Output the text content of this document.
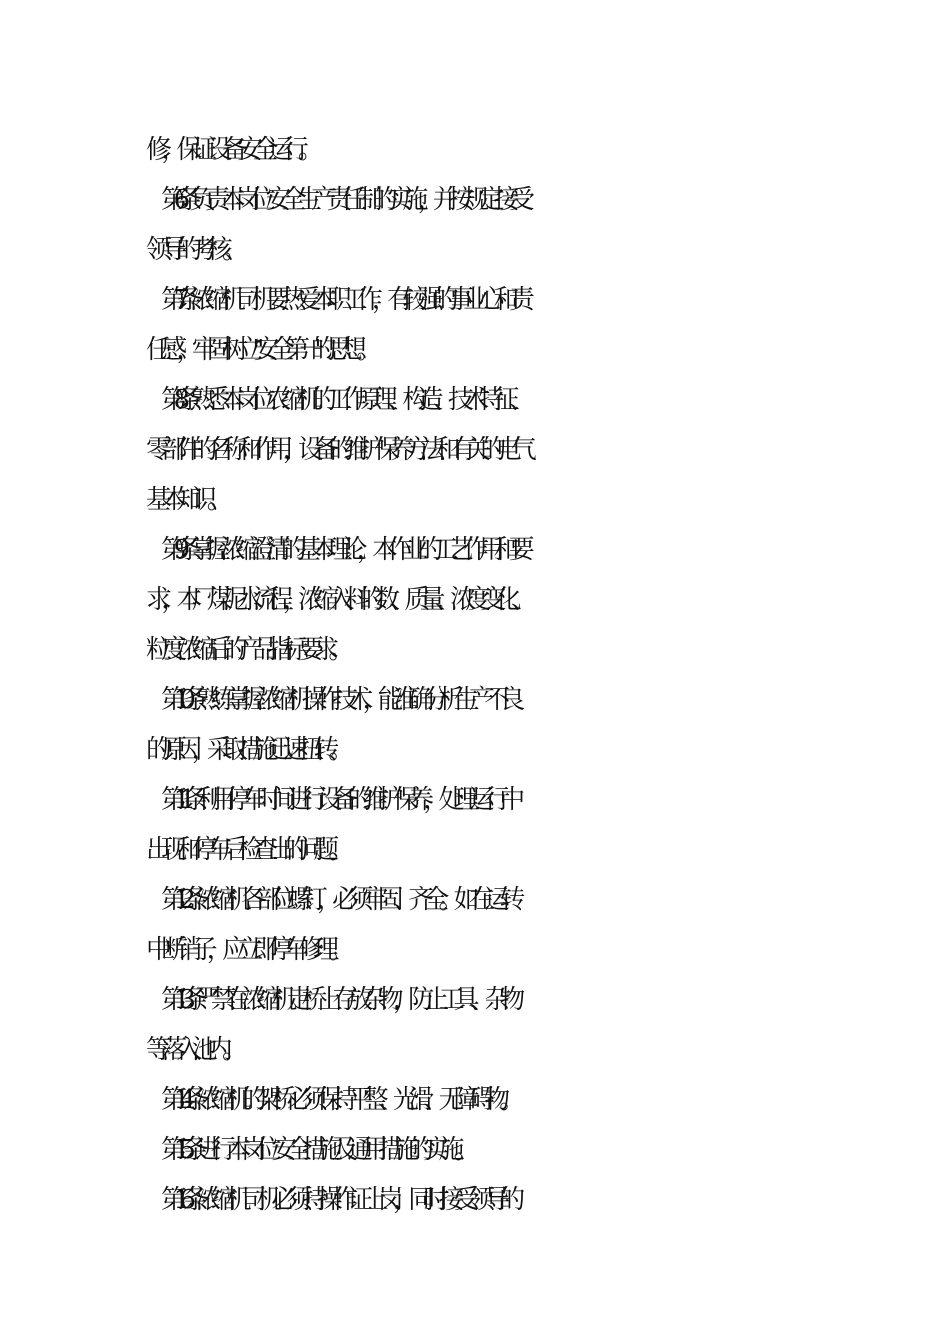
修，保证设备安全运行。
第 6 条 负责本岗位安全生产责任制的实施，并按规定接受
领导的考核。
第 7 条 浓缩机司机要热爱本职工作，有较强的事业心和责
任感，牢固树立"安全第一'的思想。
第 8 条 熟悉本岗位农缩机的工作原理、构造、技术特征、
零部件的名称和作用，设备的维护保养方法和有关的电气
基本知识。
第 9 条 掌握浓缩澄清的基本理论，本作业的工艺作用和要
求，本厂煤泥水流程，浓缩入料的数、质量、浓度变化、
粒度浓缩后的产品指标要求。
第 10 条 熟练掌握浓缩机操作技术，能准确分析生产不良
的原因，采取措施迅速扭转。
第 11 条 利用停车时间进行设备的维护保养，处理运行中
出现和停车后检查出的问题。
第 12 条 浓缩机各部位螺钉，必须牢固、齐全。如在运转
中断销子，应立即停车修理。
第 13 条 严禁在浓缩机走桥上存放杂物，防止工具、杂物
等落入池内。
第 14 条 浓缩机的架桥必须保持平整、光滑、无障碍物。
第 15 条 进行本岗位安全措施及通用措施的实施。
第 16 条 浓缩机司机必须持操作证上岗，同时接受领导的
